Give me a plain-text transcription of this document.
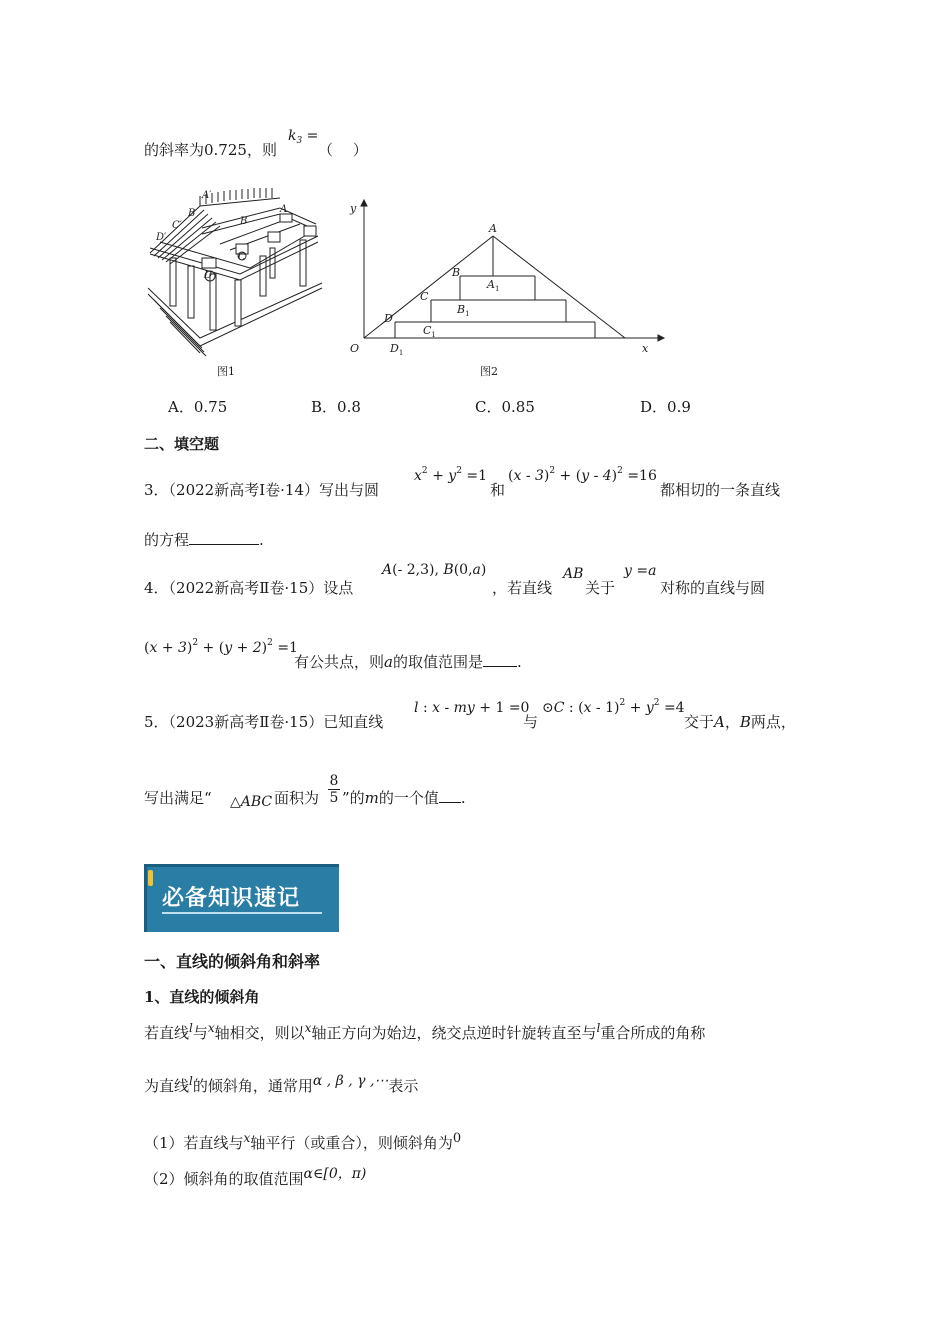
的斜率为0.725，则
$k_3$ =
（　 ）
A′
A
B′
B
C′
C
D′
D
图1
y
x
O
A
B
C
D
$A_1$
$B_1$
$C_1$
$D_1$
图2
A．0.75	B．0.8	C．0.85	D．0.9
二、填空题
3．（2022新高考Ⅰ卷·14）写出与圆
$x^2 + y^2 =1$
和
(x - 3)$^2$ + (y - 4)$^2$ =16
都相切的一条直线
的方程	.
4．（2022新高考Ⅱ卷·15）设点
A(- 2,3), B(0,a)
，若直线
AB
关于
y =a
对称的直线与圆
$(x + 3)^2 + (y + 2)^2 =1$
有公共点，则a的取值范围是 .
5．（2023新高考Ⅱ卷·15）已知直线
l : x - my + 1 =0
与
⊙C : $(x - 1)^2 + y^2 =4$
交于A，B两点，
写出满足“ △ABC 面积为 $\frac{8}{5}$ ”的m的一个值 .
必备知识速记
一、直线的倾斜角和斜率
1、直线的倾斜角
若直线$^l$与$^x$轴相交，则以$^x$轴正方向为始边，绕交点逆时针旋转直至与$^l$重合所成的角称
为直线$^l$的倾斜角，通常用α , β , γ ,⋯表示
（1）若直线与$^x$轴平行（或重合），则倾斜角为0
（2）倾斜角的取值范围α∈[0，π)
